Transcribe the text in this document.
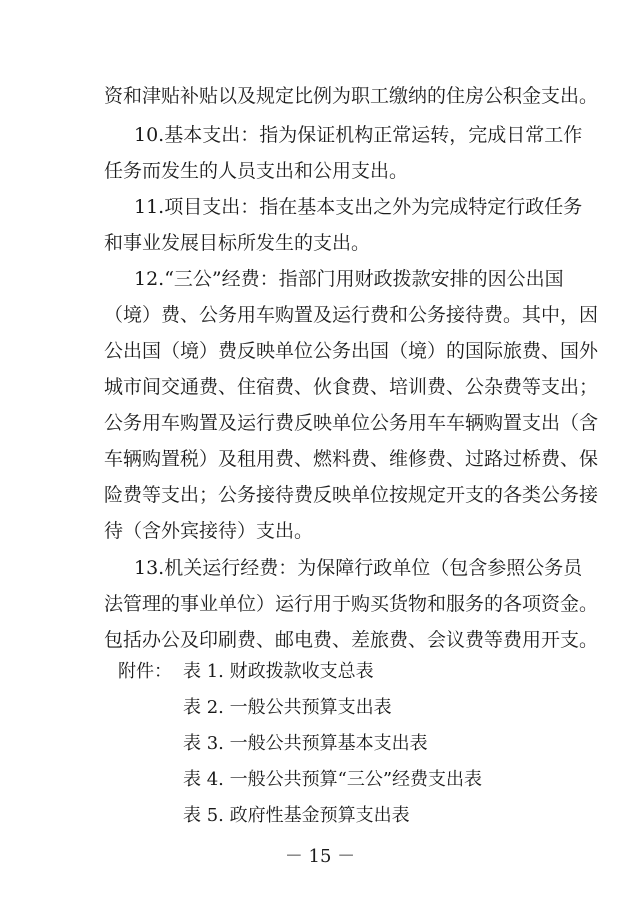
资和津贴补贴以及规定比例为职工缴纳的住房公积金支出。
10.基本支出：指为保证机构正常运转，完成日常工作
任务而发生的人员支出和公用支出。
11.项目支出：指在基本支出之外为完成特定行政任务
和事业发展目标所发生的支出。
12.“三公”经费：指部门用财政拨款安排的因公出国
（境）费、公务用车购置及运行费和公务接待费。其中，因
公出国（境）费反映单位公务出国（境）的国际旅费、国外
城市间交通费、住宿费、伙食费、培训费、公杂费等支出；
公务用车购置及运行费反映单位公务用车车辆购置支出（含
车辆购置税）及租用费、燃料费、维修费、过路过桥费、保
险费等支出；公务接待费反映单位按规定开支的各类公务接
待（含外宾接待）支出。
13.机关运行经费：为保障行政单位（包含参照公务员
法管理的事业单位）运行用于购买货物和服务的各项资金。
包括办公及印刷费、邮电费、差旅费、会议费等费用开支。
附件： 表 1. 财政拨款收支总表
表 2. 一般公共预算支出表
表 3. 一般公共预算基本支出表
表 4. 一般公共预算“三公”经费支出表
表 5. 政府性基金预算支出表
－ 15 －
